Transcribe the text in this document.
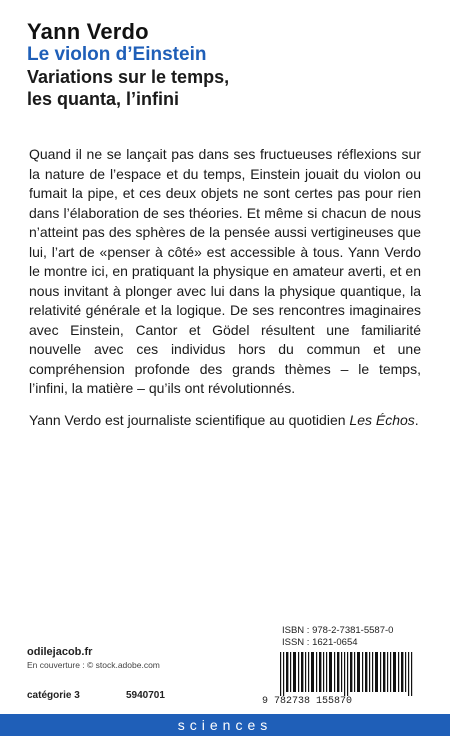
Yann Verdo
Le violon d’Einstein
Variations sur le temps,
les quanta, l’infini

Quand il ne se lançait pas dans ses fructueuses réflexions sur la nature de l’espace et du temps, Einstein jouait du violon ou fumait la pipe, et ces deux objets ne sont certes pas pour rien dans l’élaboration de ses théories. Et même si chacun de nous n’atteint pas des sphères de la pensée aussi vertigineuses que lui, l’art de «penser à côté» est accessible à tous. Yann Verdo le montre ici, en pratiquant la physique en amateur averti, et en nous invitant à plonger avec lui dans la physique quantique, la relativité générale et la logique. De ses rencontres imaginaires avec Einstein, Cantor et Gödel résultent une familiarité nouvelle avec ces individus hors du commun et une compréhension profonde des grands thèmes – le temps, l’infini, la matière – qu’ils ont révolutionnés.

Yann Verdo est journaliste scientifique au quotidien Les Échos.
ISBN : 978-2-7381-5587-0
ISSN : 1621-0654
odilejacob.fr
En couverture : © stock.adobe.com
catégorie 3	5940701
9 782738 155870
sciences
